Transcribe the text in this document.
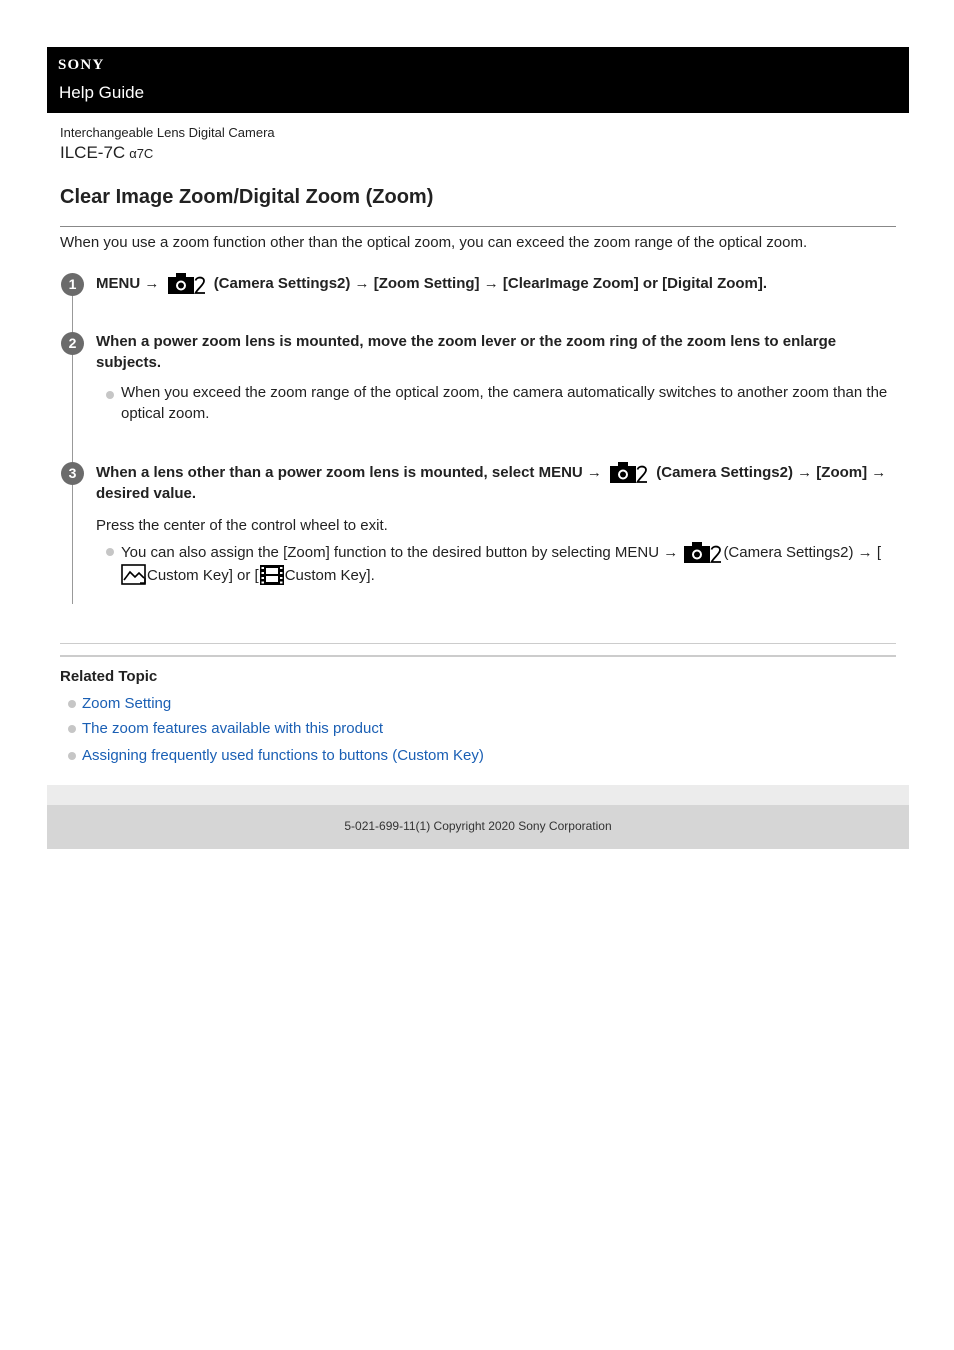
SONY
Help Guide
Interchangeable Lens Digital Camera
ILCE-7C α7C
Clear Image Zoom/Digital Zoom (Zoom)
When you use a zoom function other than the optical zoom, you can exceed the zoom range of the optical zoom.
1	MENU →	(Camera Settings2) → [Zoom Setting] → [ClearImage Zoom] or [Digital Zoom].
2	When a power zoom lens is mounted, move the zoom lever or the zoom ring of the zoom lens to enlarge subjects.
When you exceed the zoom range of the optical zoom, the camera automatically switches to another zoom than the optical zoom.
3	When a lens other than a power zoom lens is mounted, select MENU →	(Camera Settings2) → [Zoom] → desired value.
Press the center of the control wheel to exit.
You can also assign the [Zoom] function to the desired button by selecting MENU →	(Camera Settings2) → [Custom Key] or [ Custom Key].
Related Topic
Zoom Setting
The zoom features available with this product
Assigning frequently used functions to buttons (Custom Key)
5-021-699-11(1) Copyright 2020 Sony Corporation
